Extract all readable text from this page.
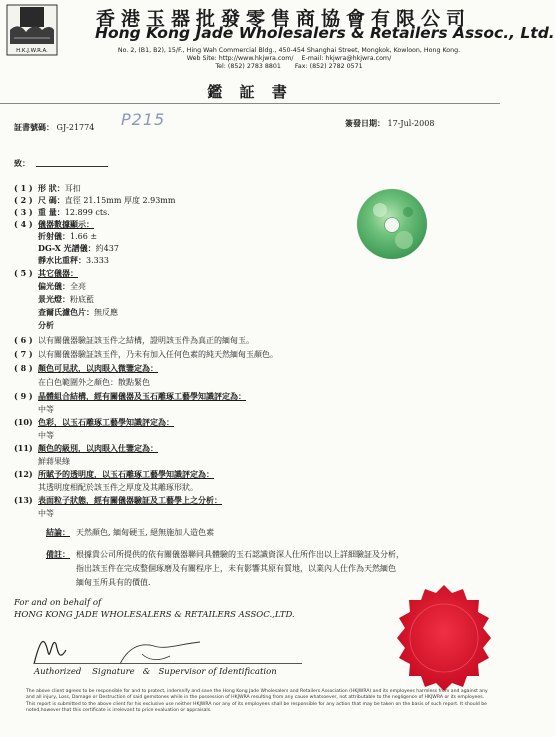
H.K.J.W.R.A.
香港玉器批發零售商協會有限公司
Hong Kong Jade Wholesalers & Retailers Assoc., Ltd.
No. 2, (B1, B2), 15/F., Hing Wah Commercial Bldg., 450-454 Shanghai Street, Mongkok, Kowloon, Hong Kong.
Web Site: http://www.hkjwra.com/ E-mail: hkjwra@hkjwra.com/
Tel: (852) 2783 8801 Fax: (852) 2782 0571
鑑 証 書
証書號碼： GJ-21774 P215	簽發日期： 17-Jul-2008
致：
( 1 ) 形 狀：耳扣
( 2 ) 尺 碼：直徑 21.15mm 厚度 2.93mm
( 3 ) 重 量：12.899 cts.
( 4 ) 儀器數據顯示：
折射儀：1.66 ±
DG-X 光譜儀：約437
靜水比重秤：3.333
( 5 ) 其它儀器：
偏光儀：全亮
景光燈：粉底藍
查爾氏濾色片：無反應
分析
( 6 ) 以有關儀器驗証該玉件之結構，證明該玉件為真正的緬甸玉。
( 7 ) 以有關儀器驗証該玉件，乃未有加入任何色素的純天然緬甸玉顏色。
( 8 ) 顏色可見狀，以肉眼入微鑒定為：
在白色範圍外之顏色：散點緊色
( 9 ) 晶體組合結構，經有關儀器及玉石雕琢工藝學知識評定為：
中等
(10) 色彩，以玉石雕琢工藝學知識評定為：
中等
(11) 顏色的級別，以肉眼入仕鑒定為：
鮮蔣果綠
(12) 所賦予的透明度，以玉石雕琢工藝學知識評定為：
其透明度相配於該玉件之厚度及其雕琢形狀。
(13) 表面粒子狀態，經有關儀器驗証及工藝學上之分析：
中等
結論： 天然顏色, 緬甸硬玉, 絕無施加人造色素
備註： 根據貴公司所提供的依有關儀器聯同具體驗的玉石認識資深人仕所作出以上詳細驗証及分析，
指出該玉件在完成整個琢磨及有關程序上，未有影響其原有質地，以業內人仕作為天然緬色
緬甸玉所具有的價值.
For and on behalf of
HONG KONG JADE WHOLESALERS & RETAILERS ASSOC.,LTD.
Authorized Signature & Supervisor of Identification
The above client agrees to be responsible for and to protect, indemnify and save the Hong Kong Jade Wholesalers and Retailers Association (HKJWRA) and its employees harmless from and against any and all injury, Loss, Damage or Destruction of said gemstones while in the possession of HKJWRA resulting from any cause whatsoever, not attributable to the negligence of HKJWRA or its employees. This report is submitted to the above client for his exclusive use neither HKJWRA nor any of its employees shall be responsible for any action that may be taken on the basis of such report. It should be noted,however that this certificate is irrelevant to price evaluation or appraisals.
